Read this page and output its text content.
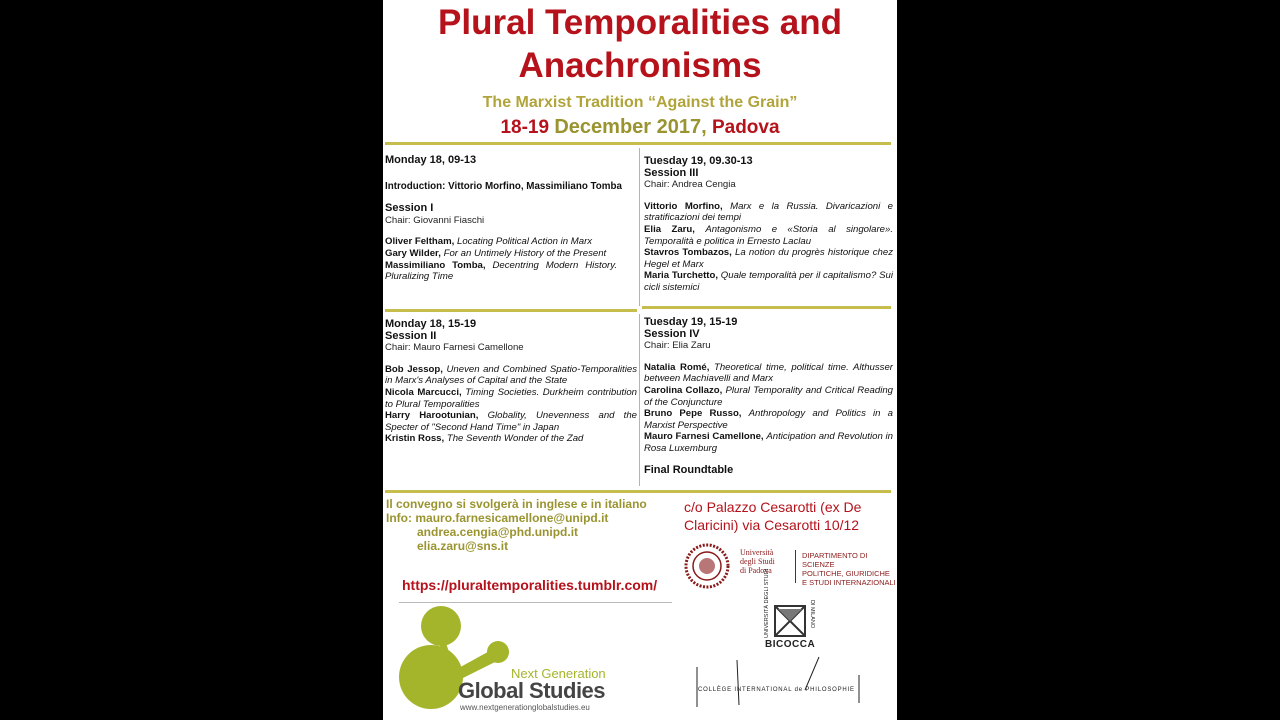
Plural Temporalities and
Anachronisms
The Marxist Tradition “Against the Grain”
18-19 December 2017, Padova
Monday 18, 09-13
Introduction: Vittorio Morfino, Massimiliano Tomba
Session I
Chair: Giovanni Fiaschi
Oliver Feltham, Locating Political Action in Marx
Gary Wilder, For an Untimely History of the Present
Massimiliano Tomba, Decentring Modern History. Pluralizing Time
Tuesday 19, 09.30-13
Session III
Chair: Andrea Cengia
Vittorio Morfino, Marx e la Russia. Divaricazioni e stratificazioni dei tempi
Elia Zaru, Antagonismo e «Storia al singolare». Temporalità e politica in Ernesto Laclau
Stavros Tombazos, La notion du progrès historique chez Hegel et Marx
Maria Turchetto, Quale temporalità per il capitalismo? Sui cicli sistemici
Monday 18, 15-19
Session II
Chair: Mauro Farnesi Camellone
Bob Jessop, Uneven and Combined Spatio-Temporalities in Marx's Analyses of Capital and the State
Nicola Marcucci, Timing Societies. Durkheim contribution to Plural Temporalities
Harry Harootunian, Globality, Unevenness and the Specter of "Second Hand Time" in Japan
Kristin Ross, The Seventh Wonder of the Zad
Tuesday 19, 15-19
Session IV
Chair: Elia Zaru
Natalia Romé, Theoretical time, political time. Althusser between Machiavelli and Marx
Carolina Collazo, Plural Temporality and Critical Reading of the Conjuncture
Bruno Pepe Russo, Anthropology and Politics in a Marxist Perspective
Mauro Farnesi Camellone, Anticipation and Revolution in Rosa Luxemburg
Final Roundtable
Il convegno si svolgerà in inglese e in italiano
Info: mauro.farnesicamellone@unipd.it
andrea.cengia@phd.unipd.it
elia.zaru@sns.it
c/o Palazzo Cesarotti (ex De
Claricini) via Cesarotti 10/12
https://pluraltemporalities.tumblr.com/
Next Generation
Global Studies
www.nextgenerationglobalstudies.eu
Università
degli Studi
di Padova
DIPARTIMENTO DI SCIENZE
POLITICHE, GIURIDICHE
E STUDI INTERNAZIONALI
UNIVERSITÀ DEGLI STUDI	DI MILANO
BICOCCA
COLLÈGE INTERNATIONAL de PHILOSOPHIE
